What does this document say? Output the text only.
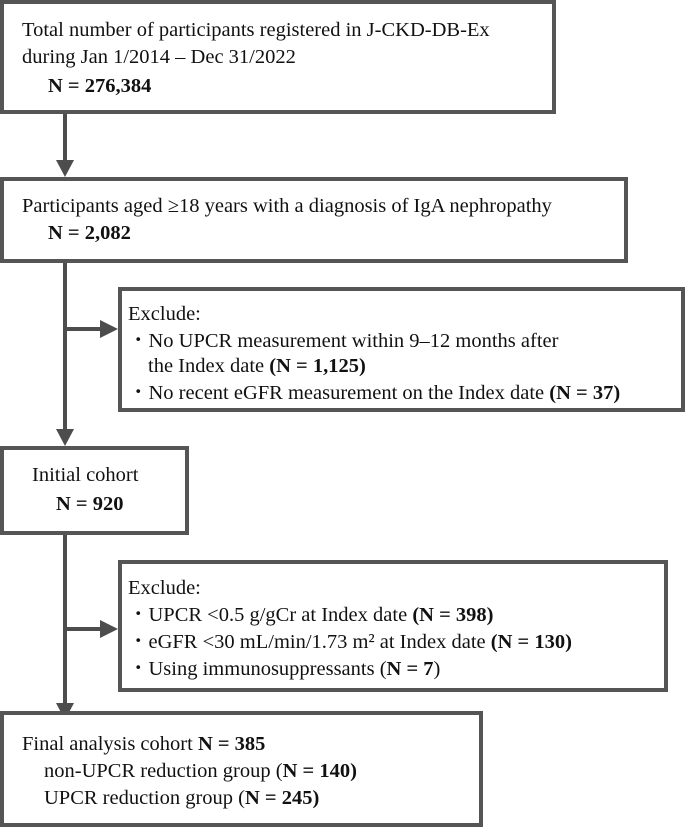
Total number of participants registered in J-CKD-DB-Ex
during Jan 1/2014 – Dec 31/2022
N = 276,384
Participants aged ≥18 years with a diagnosis of IgA nephropathy
N = 2,082
Exclude:
・No UPCR measurement within 9–12 months after
the Index date (N = 1,125)
・No recent eGFR measurement on the Index date (N = 37)
Initial cohort
N = 920
Exclude:
・UPCR <0.5 g/gCr at Index date (N = 398)
・eGFR <30 mL/min/1.73 m² at Index date (N = 130)
・Using immunosuppressants (N = 7)
Final analysis cohort N = 385
non-UPCR reduction group (N = 140)
UPCR reduction group (N = 245)
